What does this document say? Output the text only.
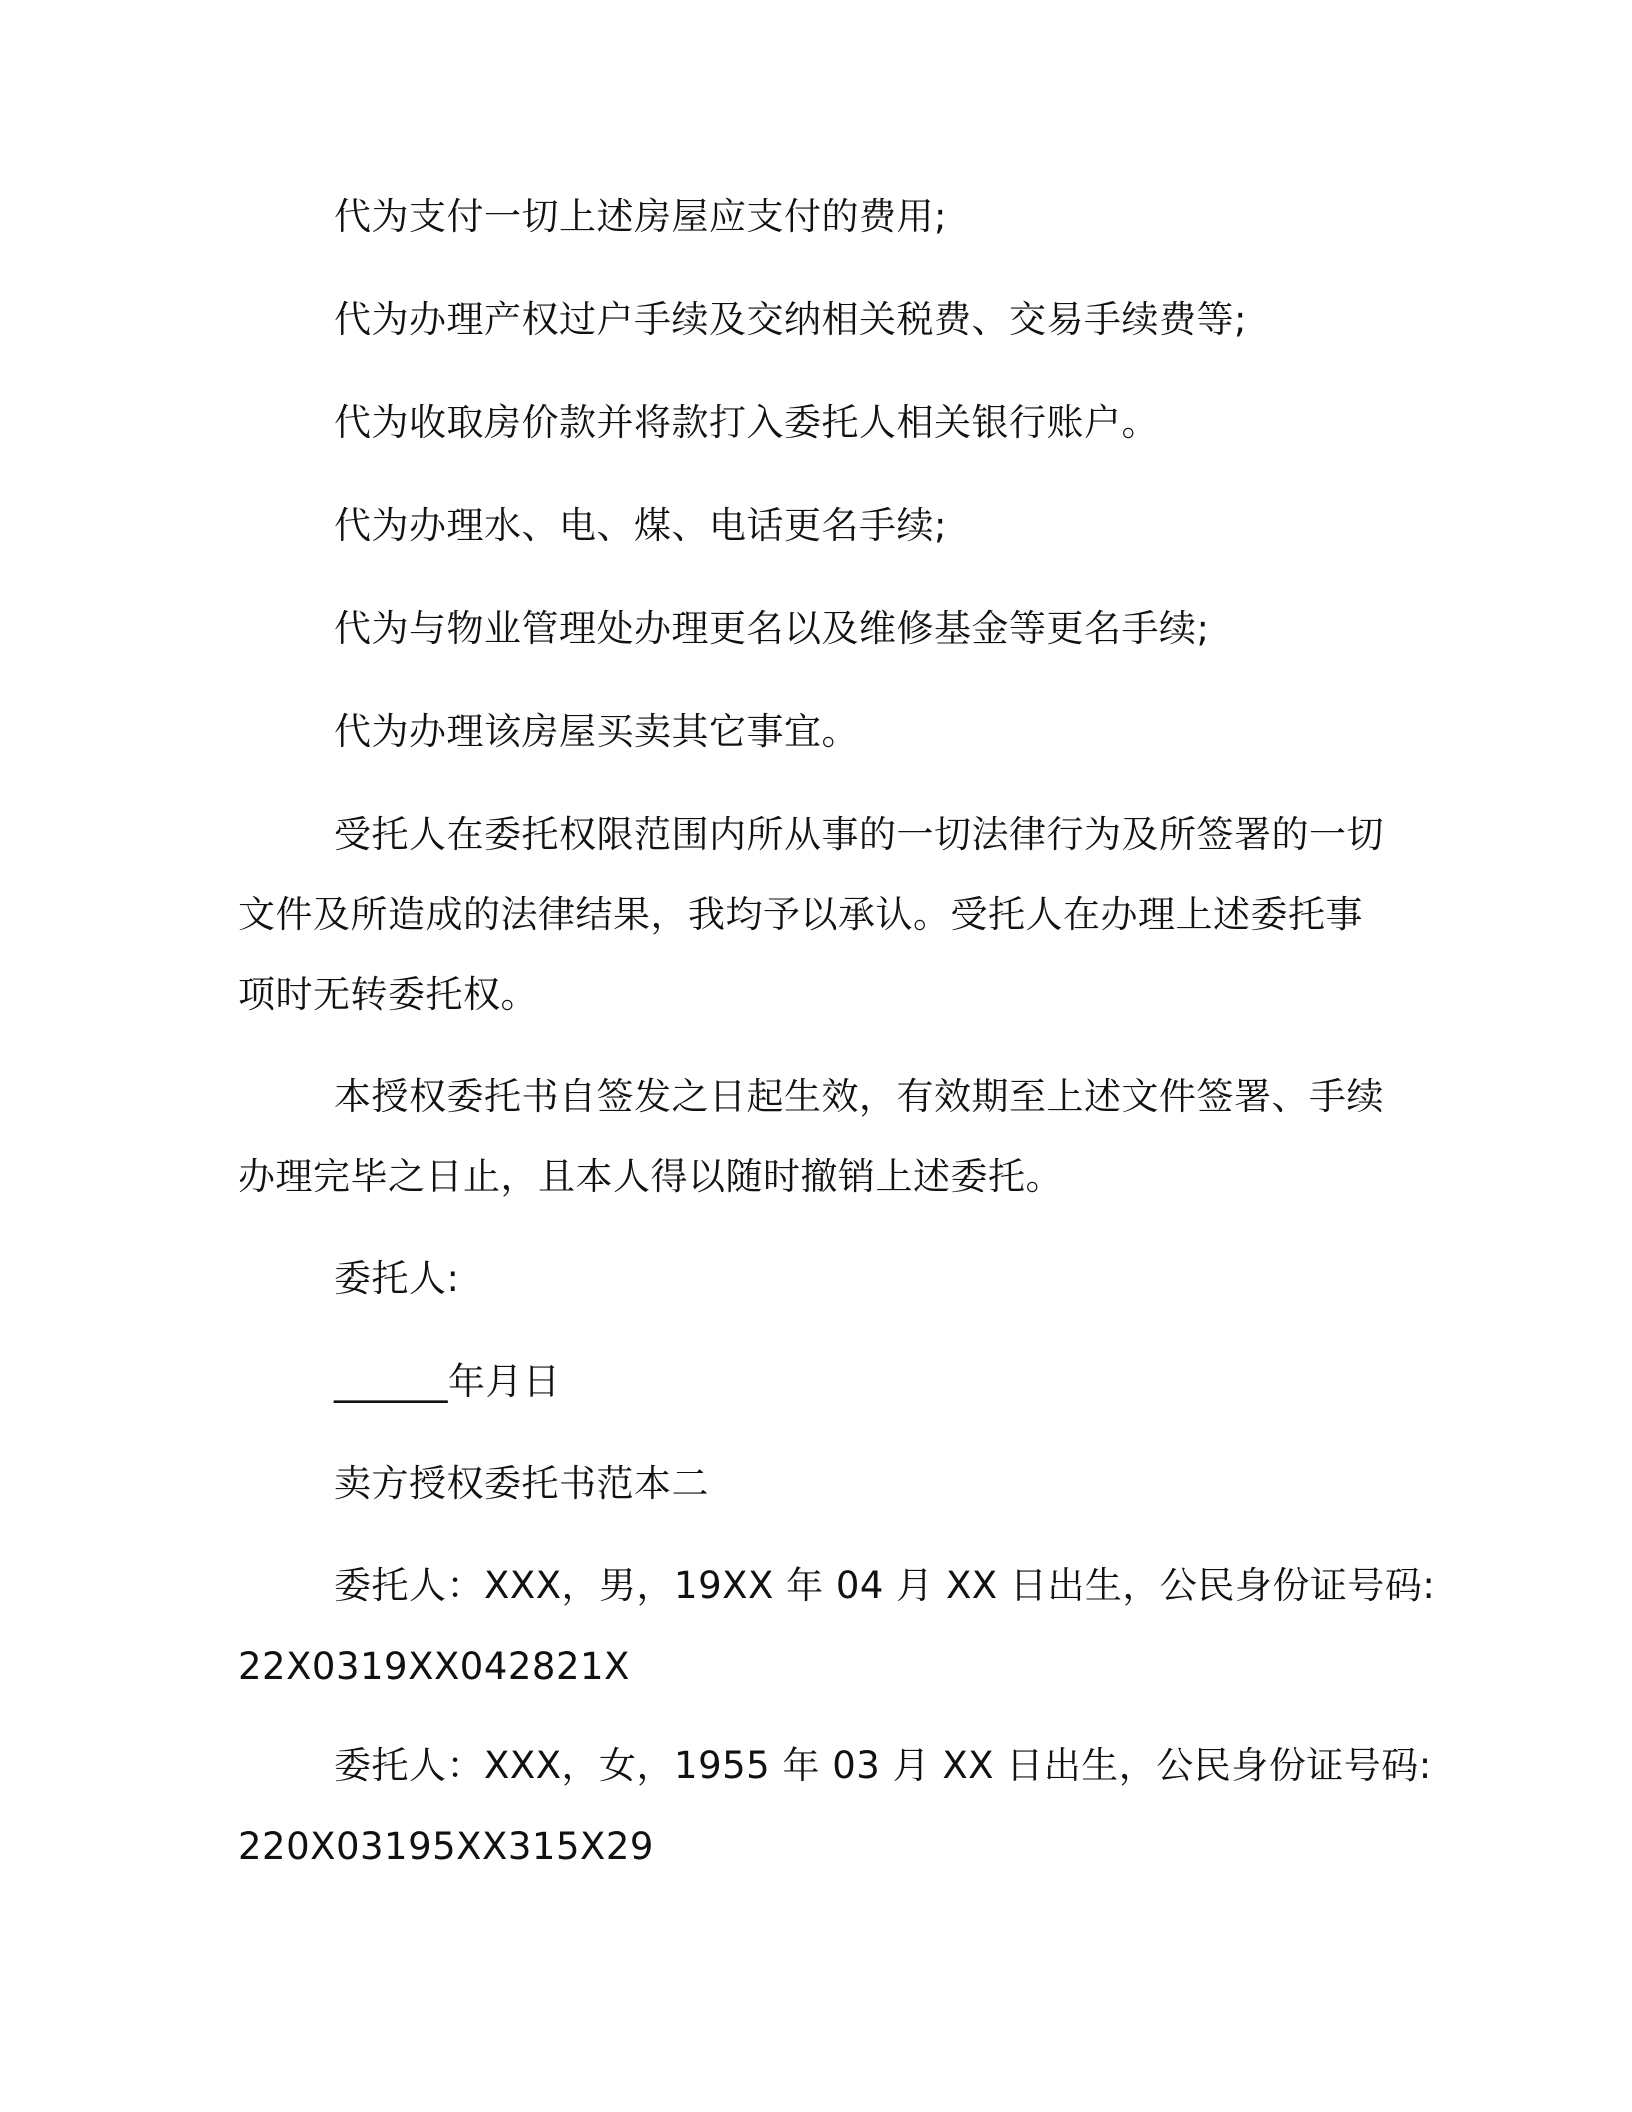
代为支付一切上述房屋应支付的费用;
代为办理产权过户手续及交纳相关税费、交易手续费等;
代为收取房价款并将款打入委托人相关银行账户。
代为办理水、电、煤、电话更名手续;
代为与物业管理处办理更名以及维修基金等更名手续;
代为办理该房屋买卖其它事宜。
受托人在委托权限范围内所从事的一切法律行为及所签署的一切
文件及所造成的法律结果，我均予以承认。受托人在办理上述委托事
项时无转委托权。
本授权委托书自签发之日起生效，有效期至上述文件签署、手续
办理完毕之日止，且本人得以随时撤销上述委托。
委托人:
______年月日
卖方授权委托书范本二
委托人：XXX，男，19XX 年 04 月 XX 日出生，公民身份证号码:
22X0319XX042821X
委托人：XXX，女，1955 年 03 月 XX 日出生，公民身份证号码:
220X03195XX315X29
